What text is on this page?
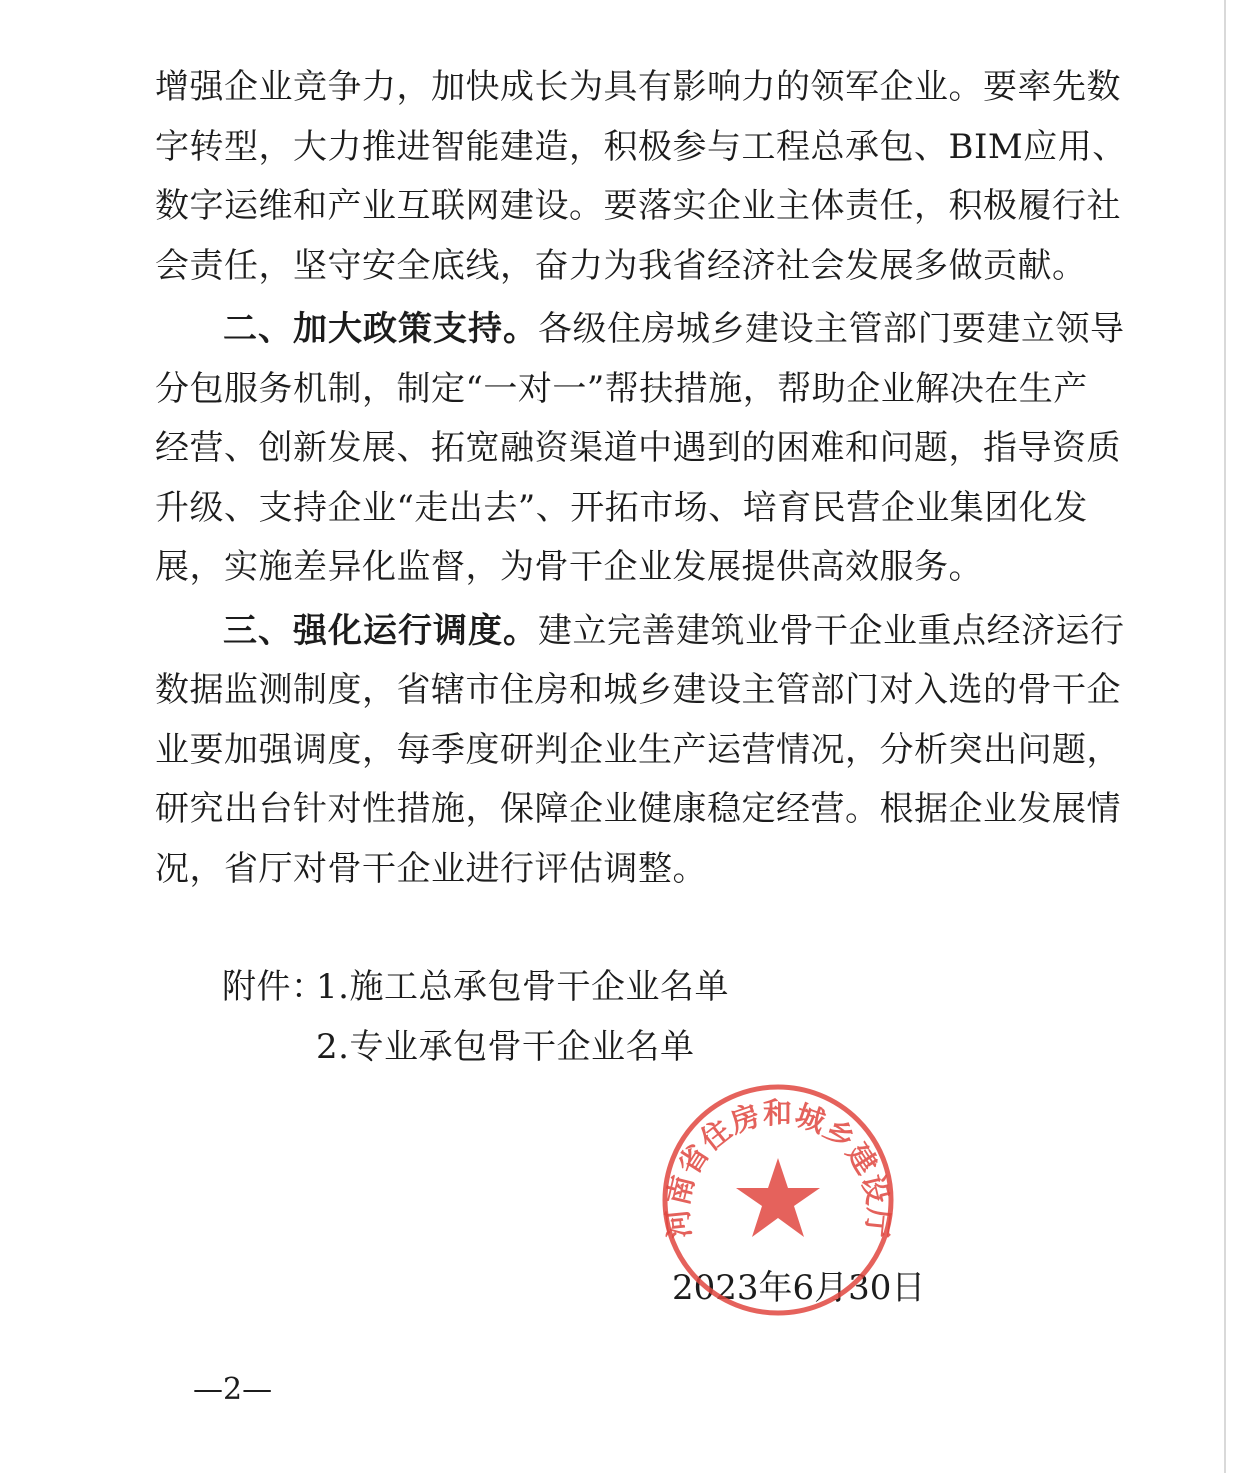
增强企业竞争力，加快成长为具有影响力的领军企业。要率先数
字转型，大力推进智能建造，积极参与工程总承包、BIM应用、
数字运维和产业互联网建设。要落实企业主体责任，积极履行社
会责任，坚守安全底线，奋力为我省经济社会发展多做贡献。
二、加大政策支持。各级住房城乡建设主管部门要建立领导
分包服务机制，制定“一对一”帮扶措施，帮助企业解决在生产
经营、创新发展、拓宽融资渠道中遇到的困难和问题，指导资质
升级、支持企业“走出去”、开拓市场、培育民营企业集团化发
展，实施差异化监督，为骨干企业发展提供高效服务。
三、强化运行调度。建立完善建筑业骨干企业重点经济运行
数据监测制度，省辖市住房和城乡建设主管部门对入选的骨干企
业要加强调度，每季度研判企业生产运营情况，分析突出问题，
研究出台针对性措施，保障企业健康稳定经营。根据企业发展情
况，省厅对骨干企业进行评估调整。
附件：1.施工总承包骨干企业名单
2.专业承包骨干企业名单
2023年6月30日
河南省住房和城乡建设厅
—2—
